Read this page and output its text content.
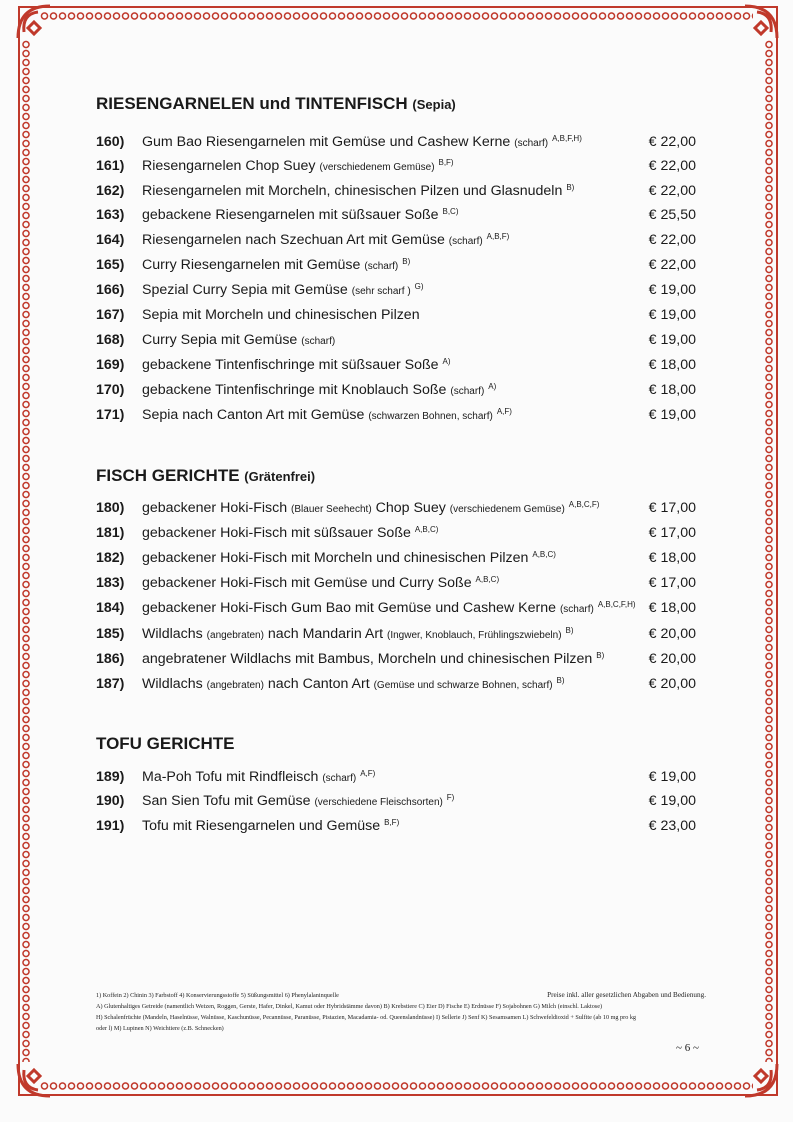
RIESENGARNELEN und TINTENFISCH (Sepia)
160) Gum Bao Riesengarnelen mit Gemüse und Cashew Kerne (scharf) $^{A,B,F,H)}$	€ 22,00
161) Riesengarnelen Chop Suey (verschiedenem Gemüse) $^{B,F)}$	€ 22,00
162) Riesengarnelen mit Morcheln, chinesischen Pilzen und Glasnudeln $^{B)}$	€ 22,00
163) gebackene Riesengarnelen mit süßsauer Soße $^{B,C)}$	€ 25,50
164) Riesengarnelen nach Szechuan Art mit Gemüse (scharf) $^{A,B,F)}$	€ 22,00
165) Curry Riesengarnelen mit Gemüse (scharf) $^{B)}$	€ 22,00
166) Spezial Curry Sepia mit Gemüse (sehr scharf ) $^{G)}$	€ 19,00
167) Sepia mit Morcheln und chinesischen Pilzen	€ 19,00
168) Curry Sepia mit Gemüse (scharf)	€ 19,00
169) gebackene Tintenfischringe mit süßsauer Soße $^{A)}$	€ 18,00
170) gebackene Tintenfischringe mit Knoblauch Soße (scharf) $^{A)}$	€ 18,00
171) Sepia nach Canton Art mit Gemüse (schwarzen Bohnen, scharf) $^{A,F)}$	€ 19,00
FISCH GERICHTE (Grätenfrei)
180) gebackener Hoki-Fisch (Blauer Seehecht) Chop Suey (verschiedenem Gemüse) $^{A,B,C,F)}$	€ 17,00
181) gebackener Hoki-Fisch mit süßsauer Soße $^{A,B,C)}$	€ 17,00
182) gebackener Hoki-Fisch mit Morcheln und chinesischen Pilzen $^{A,B,C)}$	€ 18,00
183) gebackener Hoki-Fisch mit Gemüse und Curry Soße $^{A,B,C)}$	€ 17,00
184) gebackener Hoki-Fisch Gum Bao mit Gemüse und Cashew Kerne (scharf) $^{A,B,C,F,H)}$ € 18,00
185) Wildlachs (angebraten) nach Mandarin Art (Ingwer, Knoblauch, Frühlingszwiebeln) $^{B)}$	€ 20,00
186) angebratener Wildlachs mit Bambus, Morcheln und chinesischen Pilzen $^{B)}$	€ 20,00
187) Wildlachs (angebraten) nach Canton Art (Gemüse und schwarze Bohnen, scharf) $^{B)}$	€ 20,00
TOFU GERICHTE
189) Ma-Poh Tofu mit Rindfleisch (scharf) $^{A,F)}$	€ 19,00
190) San Sien Tofu mit Gemüse (verschiedene Fleischsorten) $^{F)}$	€ 19,00
191) Tofu mit Riesengarnelen und Gemüse $^{B,F)}$	€ 23,00
1) Koffein 2) Chinin 3) Farbstoff 4) Konservierungsstoffe 5) Süßungsmittel 6) Phenylalaninquelle	Preise inkl. aller gesetzlichen Abgaben und Bedienung.
A) Glutenhaltiges Getreide (namentlich Weizen, Roggen, Gerste, Hafer, Dinkel, Kamut oder Hybridstämme davon) B) Krebstiere C) Eier D) Fische E) Erdnüsse F) Sojabohnen G) Milch (einschl. Laktose)
H) Schalenfrüchte (Mandeln, Haselnüsse, Walnüsse, Kaschunüsse, Pecannüsse, Paranüsse, Pistazien, Macadamia- od. Queenslandnüsse) I) Sellerie J) Senf K) Sesamsamen L) Schwefeldioxid + Sulfite (ab 10 mg pro kg
oder l) M) Lupinen N) Weichtiere (z.B. Schnecken)
~ 6 ~
